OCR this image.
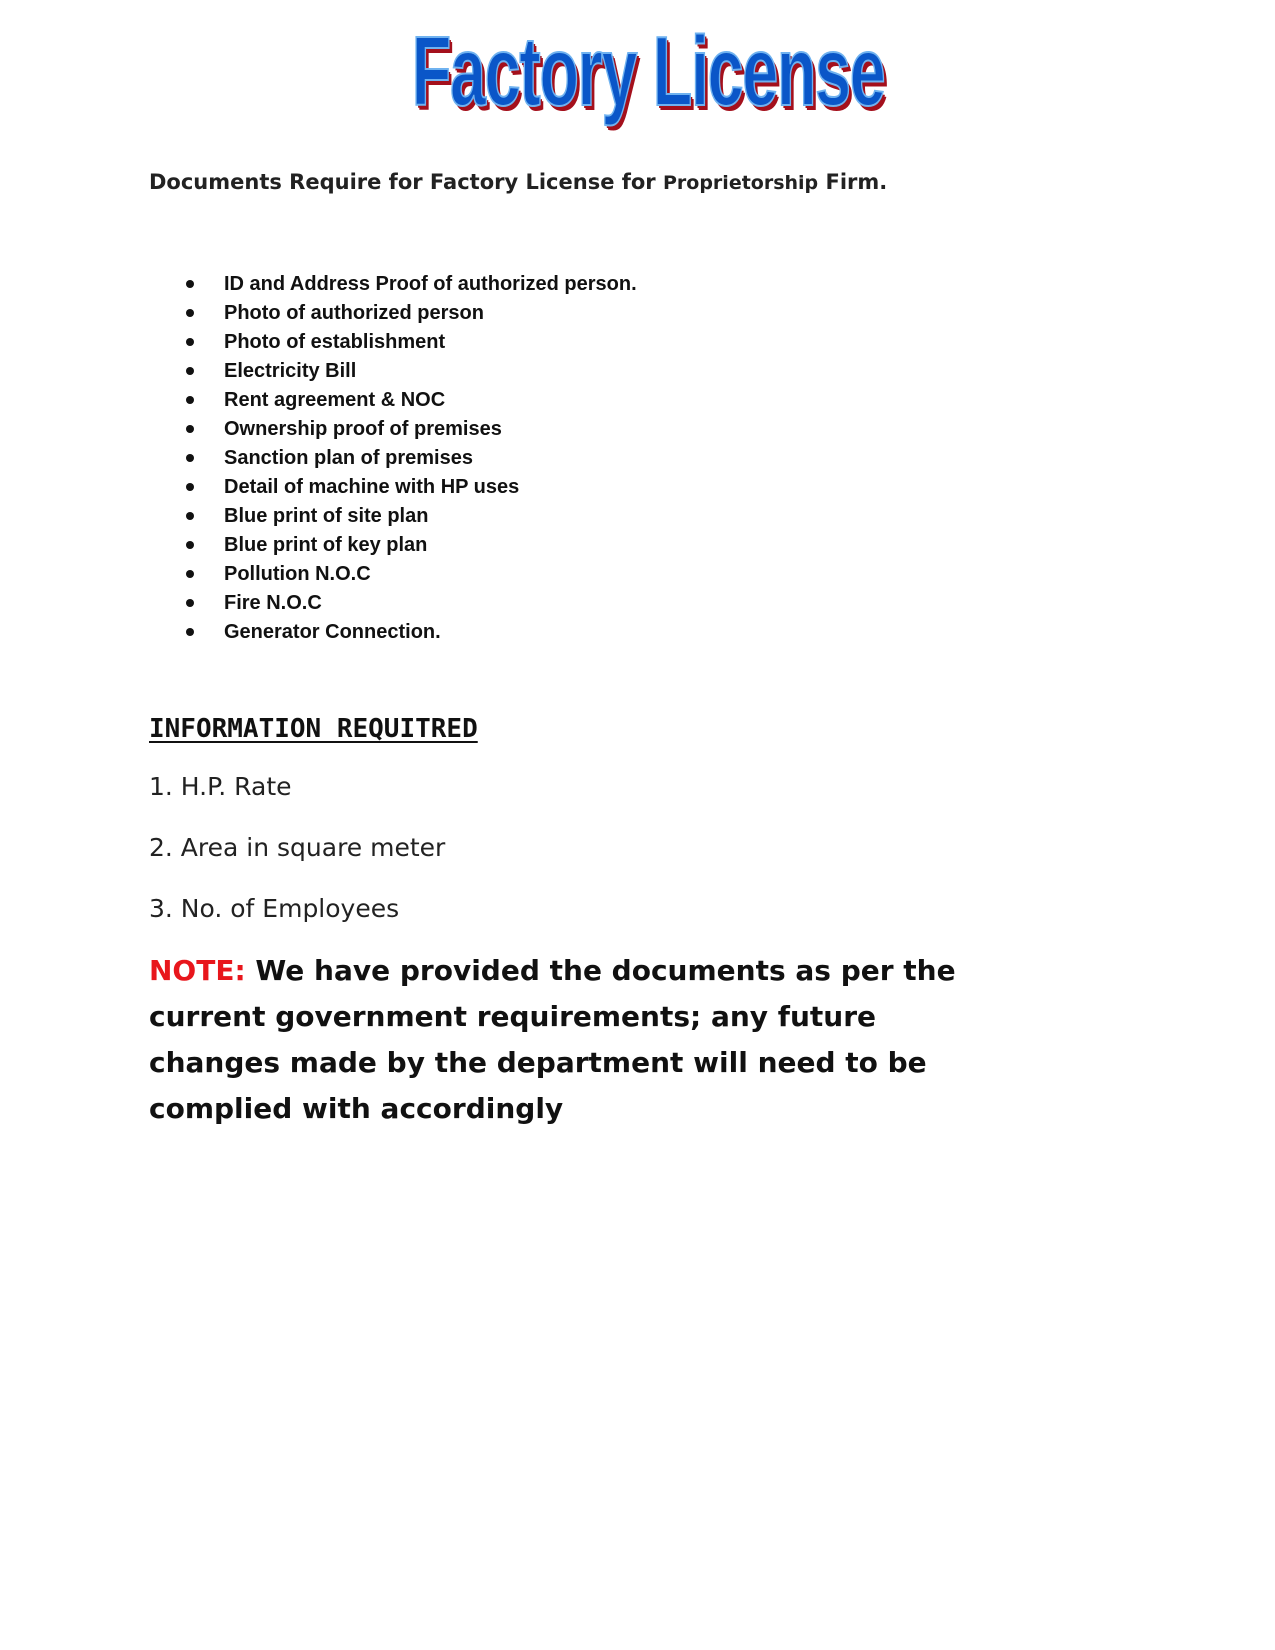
Factory License
Documents Require for Factory License for Proprietorship Firm.
ID and Address Proof of authorized person.
Photo of authorized person
Photo of establishment
Electricity Bill
Rent agreement & NOC
Ownership proof of premises
Sanction plan of premises
Detail of machine with HP uses
Blue print of site plan
Blue print of key plan
Pollution N.O.C
Fire N.O.C
Generator Connection.
INFORMATION REQUITRED
1. H.P. Rate
2. Area in square meter
3. No. of Employees
NOTE: We have provided the documents as per the current government requirements; any future changes made by the department will need to be complied with accordingly
